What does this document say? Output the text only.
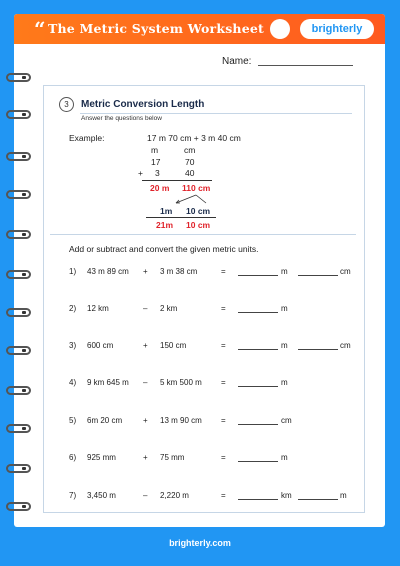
“ The Metric System Worksheet	brighterly
Name:
3	Metric Conversion Length
Answer the questions below
Example:	17 m 70 cm + 3 m 40 cm
m	cm
17	70
+ 3	40
20 m 110 cm
1m 10 cm
21m 10 cm
Add or subtract and convert the given metric units.
1) 43 m 89 cm + 3 m 38 cm	=	m	cm
2) 12 km	– 2 km	=	m
3) 600 cm	+ 150 cm	=	m	cm
4) 9 km 645 m – 5 km 500 m =	m
5) 6m 20 cm	+ 13 m 90 cm =	cm
6) 925 mm	+ 75 mm	=	m
7) 3,450 m	– 2,220 m	=	km	m
brighterly.com
